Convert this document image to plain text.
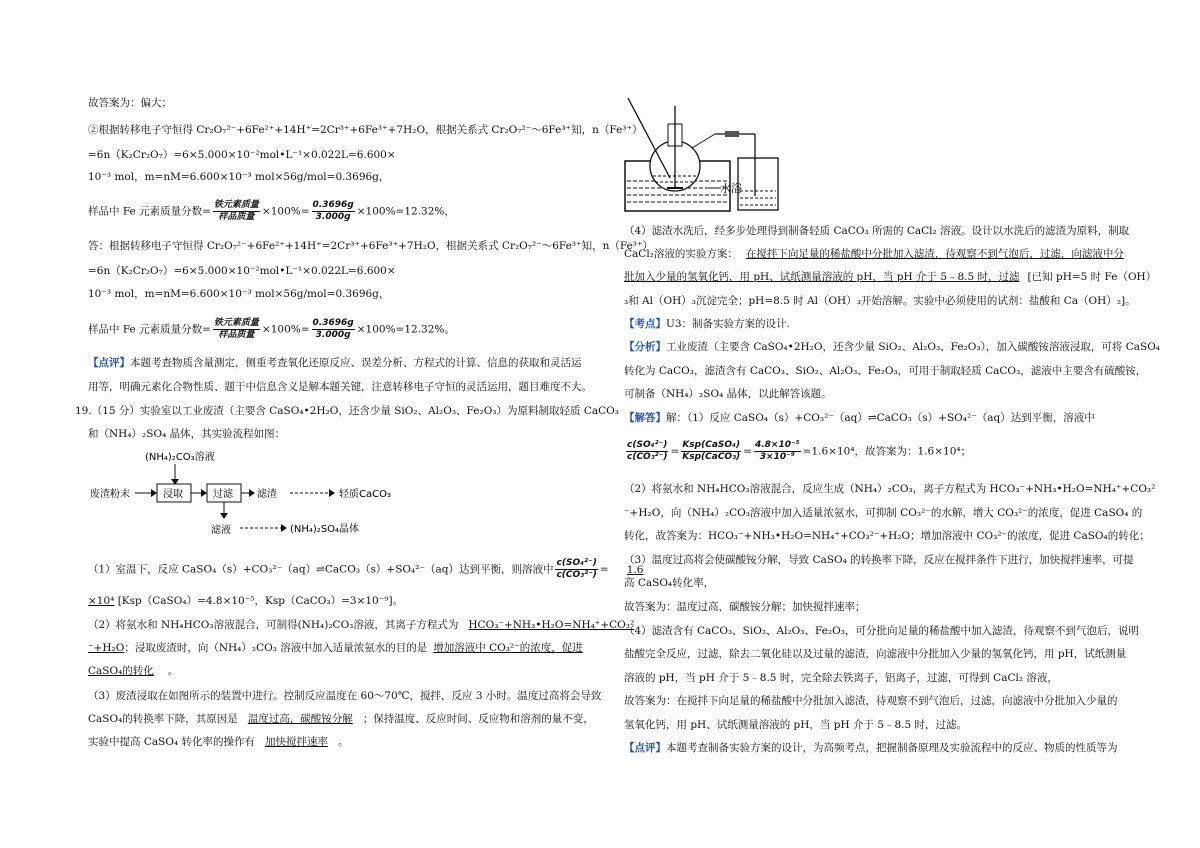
故答案为：偏大；
②根据转移电子守恒得 Cr₂O₇²⁻+6Fe²⁺+14H⁺=2Cr³⁺+6Fe³⁺+7H₂O，根据关系式 Cr₂O₇²⁻～6Fe³⁺知，n（Fe³⁺）
=6n（K₂Cr₂O₇）=6×5.000×10⁻²mol•L⁻¹×0.022L=6.600×
10⁻³ mol，m=nM=6.600×10⁻³ mol×56g/mol=0.3696g，
样品中 Fe 元素质量分数=
铁元素质量
样品质量 $\times 100\%= \frac{0.3696g}{3.000g} \times 100\%=12.32\%$，
答：根据转移电子守恒得 Cr₂O₇²⁻+6Fe²⁺+14H⁺=2Cr³⁺+6Fe³⁺+7H₂O，根据关系式 Cr₂O₇²⁻～6Fe³⁺知，n（Fe³⁺）
=6n（K₂Cr₂O₇）=6×5.000×10⁻²mol•L⁻¹×0.022L=6.600×
10⁻³ mol，m=nM=6.600×10⁻³ mol×56g/mol=0.3696g，
样品中 Fe 元素质量分数=
铁元素质量
样品质量 $\times 100\%= \frac{0.3696g}{3.000g} \times 100\%=12.32\%$。
【点评】本题考查物质含量测定，侧重考查氧化还原反应、误差分析、方程式的计算、信息的获取和灵活运
用等，明确元素化合物性质、题干中信息含义是解本题关键，注意转移电子守恒的灵活运用，题目难度不大。
19.（15 分）实验室以工业废渣（主要含 CaSO₄•2H₂O，还含少量 SiO₂、Al₂O₃、Fe₂O₃）为原料制取轻质 CaCO₃
和（NH₄）₂SO₄ 晶体，其实验流程如图：
(NH₄)₂CO₃溶液
废渣粉末	浸取	过滤 滤渣	轻质CaCO₃
滤液	(NH₄)₂SO₄晶体
（1）室温下，反应 CaSO₄（s）+CO₃²⁻（aq）⇌CaCO₃（s）+SO₄²⁻（aq）达到平衡，则溶液中 $\frac{\text{c(SO₄²⁻)}}{\text{c(CO₃²⁻)}} = 1.6$
×10⁴ [Ksp（CaSO₄）=4.8×10⁻⁵，Ksp（CaCO₃）=3×10⁻⁹]。
（2）将氨水和 NH₄HCO₃溶液混合，可制得(NH₄)₂CO₃溶液，其离子方程式为 HCO₃⁻+NH₃•H₂O=NH₄⁺+CO₃²
⁻+H₂O；浸取废渣时，向（NH₄）₂CO₃ 溶液中加入适量浓氨水的目的是 增加溶液中 CO₃²⁻的浓度，促进
CaSO₄的转化 。
（3）废渣浸取在如图所示的装置中进行。控制反应温度在 60～70℃，搅拌，反应 3 小时。温度过高将会导致
CaSO₄的转换率下降，其原因是 温度过高，碳酸铵分解 ；保持温度、反应时间、反应物和溶剂的量不变，
实验中提高 CaSO₄ 转化率的操作有 加快搅拌速率 。
水浴
（4）滤渣水洗后，经多步处理得到制备轻质 CaCO₃ 所需的 CaCl₂ 溶液。设计以水洗后的滤渣为原料，制取
CaCl₂溶液的实验方案： 在搅拌下向足量的稀盐酸中分批加入滤渣，待观察不到气泡后，过滤，向滤液中分
批加入少量的氢氧化钙，用 pH、试纸测量溶液的 pH，当 pH 介于 5﹣8.5 时，过滤 [已知 pH=5 时 Fe（OH）
₃和 Al（OH）₃沉淀完全；pH=8.5 时 Al（OH）₃开始溶解。实验中必须使用的试剂：盐酸和 Ca（OH）₂]。
【考点】U3：制备实验方案的设计.
【分析】工业废渣（主要含 CaSO₄•2H₂O，还含少量 SiO₂、Al₂O₃、Fe₂O₃），加入碳酸铵溶液浸取，可将 CaSO₄
转化为 CaCO₃，滤渣含有 CaCO₃、SiO₂、Al₂O₃、Fe₂O₃，可用于制取轻质 CaCO₃，滤液中主要含有硫酸铵，
可制备（NH₄）₂SO₄ 晶体，以此解答该题。
【解答】解：（1）反应 CaSO₄（s）+CO₃²⁻（aq）⇌CaCO₃（s）+SO₄²⁻（aq）达到平衡，溶液中
$\frac{\text{c(SO₄²⁻)}}{\text{c(CO₃²⁻)}}$ =
Ksp(CaSO₄)
Ksp(CaCO₃) = $\frac{\text{4.8×10⁻⁵}}{\text{3×10⁻⁹}} =1.6\times 10^4$，故答案为：1.6×10⁴；
（2）将氨水和 NH₄HCO₃溶液混合，反应生成（NH₄）₂CO₃，离子方程式为 HCO₃⁻+NH₃•H₂O=NH₄⁺+CO₃²
⁻+H₂O，向（NH₄）₂CO₃溶液中加入适量浓氨水，可抑制 CO₃²⁻的水解，增大 CO₃²⁻的浓度，促进 CaSO₄ 的
转化，故答案为：HCO₃⁻+NH₃•H₂O=NH₄⁺+CO₃²⁻+H₂O；增加溶液中 CO₃²⁻的浓度，促进 CaSO₄的转化；
（3）温度过高将会使碳酸铵分解，导致 CaSO₄ 的转换率下降，反应在搅拌条件下进行，加快搅拌速率，可提
高 CaSO₄转化率，
故答案为：温度过高，碳酸铵分解；加快搅拌速率；
（4）滤渣含有 CaCO₃、SiO₂、Al₂O₃、Fe₂O₃，可分批向足量的稀盐酸中加入滤渣，待观察不到气泡后，说明
盐酸完全反应，过滤，除去二氧化硅以及过量的滤渣，向滤液中分批加入少量的氢氧化钙，用 pH，试纸测量
溶液的 pH，当 pH 介于 5﹣8.5 时，完全除去铁离子，铝离子，过滤，可得到 CaCl₂ 溶液，
故答案为：在搅拌下向足量的稀盐酸中分批加入滤渣，待观察不到气泡后，过滤，向滤液中分批加入少量的
氢氧化钙，用 pH、试纸测量溶液的 pH，当 pH 介于 5﹣8.5 时，过滤。
【点评】本题考查制备实验方案的设计，为高频考点，把握制备原理及实验流程中的反应、物质的性质等为
